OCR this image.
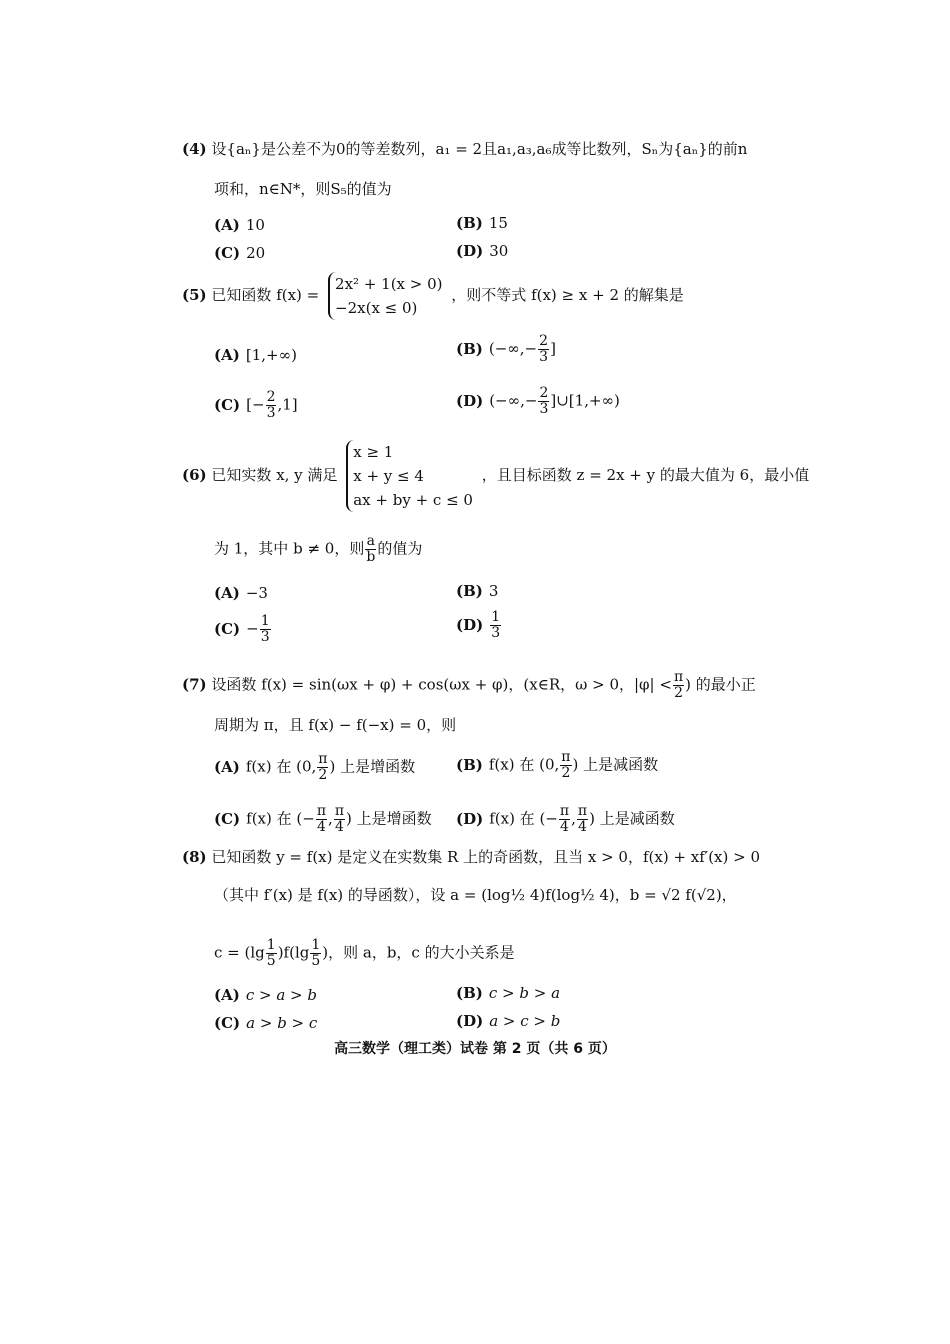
(4) 设{aₙ}是公差不为0的等差数列，a₁ = 2且a₁,a₃,a₆成等比数列，Sₙ为{aₙ}的前n
项和，n∈N*，则S₅的值为
(A) 10	(B) 15
(C) 20	(D) 30
(5) 已知函数 f(x) =
2x² + 1(x > 0)
−2x(x ≤ 0)
，则不等式 f(x) ≥ x + 2 的解集是
(A) [1,+∞)	(B) (−∞,− $\frac{2}{3}$ ]
(C) [− $\frac{2}{3} ,1$]	(D) (−∞,− $\frac{2}{3}$ ]∪[1,+∞)
(6) 已知实数 x, y 满足
x ≥ 1
x + y ≤ 4
ax + by + c ≤ 0
，且目标函数 z = 2x + y 的最大值为 6，最小值
为 1，其中 b ≠ 0，则 $\frac{a}{b}$ 的值为
(A) −3	(B) 3
$(C) - \frac{1}{3}$	$(D) \frac{1}{3}$
(7) 设函数 f(x) = sin(ωx + φ) + cos(ωx + φ)，(x∈R，ω > 0，$|\varphi| < \frac{\pi}{2}$ ) 的最小正
周期为 π，且 f(x) − f(−x) = 0，则
(A) f(x) 在 (0, $\frac{\pi}{2}$ ) 上是增函数	(B) f(x) 在 (0, $\frac{\pi}{2}$ ) 上是减函数
(C) f(x) 在 (− $\frac{\pi}{4}$ , $\frac{\pi}{4}$ ) 上是增函数 (D) f(x) 在 (− $\frac{\pi}{4}$ , $\frac{\pi}{4}$ ) 上是减函数
(8) 已知函数 y = f(x) 是定义在实数集 R 上的奇函数，且当 x > 0，f(x) + xf′(x) > 0
（其中 f′(x) 是 f(x) 的导函数），设 a = (log½ 4)f(log½ 4)，b = √2 f(√2)，
$c = (\lg \frac{1}{5} )f(\lg \frac{1}{5}$ )，则 a，b，c 的大小关系是
(A) c > a > b	(B) c > b > a
(C) a > b > c	(D) a > c > b
高三数学（理工类）试卷 第 2 页（共 6 页）
